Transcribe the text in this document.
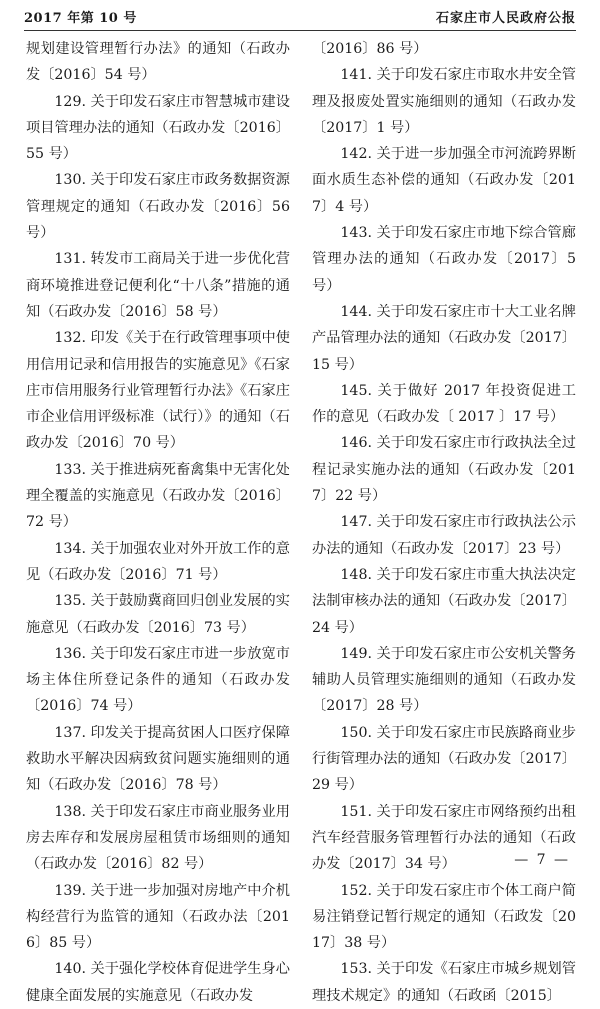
2017 年第 10 号	石家庄市人民政府公报

规划建设管理暂行办法》的通知（石政办发〔2016〕54 号）

129. 关于印发石家庄市智慧城市建设项目管理办法的通知（石政办发〔2016〕55 号）

130. 关于印发石家庄市政务数据资源管理规定的通知（石政办发〔2016〕56 号）

131. 转发市工商局关于进一步优化营商环境推进登记便利化“十八条”措施的通知（石政办发〔2016〕58 号）

132. 印发《关于在行政管理事项中使用信用记录和信用报告的实施意见》《石家庄市信用服务行业管理暂行办法》《石家庄市企业信用评级标准（试行）》的通知（石政办发〔2016〕70 号）

133. 关于推进病死畜禽集中无害化处理全覆盖的实施意见（石政办发〔2016〕72 号）

134. 关于加强农业对外开放工作的意见（石政办发〔2016〕71 号）

135. 关于鼓励冀商回归创业发展的实施意见（石政办发〔2016〕73 号）

136. 关于印发石家庄市进一步放宽市场主体住所登记条件的通知（石政办发〔2016〕74 号）

137. 印发关于提高贫困人口医疗保障救助水平解决因病致贫问题实施细则的通知（石政办发〔2016〕78 号）

138. 关于印发石家庄市商业服务业用房去库存和发展房屋租赁市场细则的通知（石政办发〔2016〕82 号）

139. 关于进一步加强对房地产中介机构经营行为监管的通知（石政办法〔2016〕85 号）

140. 关于强化学校体育促进学生身心健康全面发展的实施意见（石政办发

〔2016〕86 号）

141. 关于印发石家庄市取水井安全管理及报废处置实施细则的通知（石政办发〔2017〕1 号）

142. 关于进一步加强全市河流跨界断面水质生态补偿的通知（石政办发〔2017〕4 号）

143. 关于印发石家庄市地下综合管廊管理办法的通知（石政办发〔2017〕5 号）

144. 关于印发石家庄市十大工业名牌产品管理办法的通知（石政办发〔2017〕15 号）

145. 关于做好 2017 年投资促进工作的意见（石政办发〔 2017 〕17 号）

146. 关于印发石家庄市行政执法全过程记录实施办法的通知（石政办发〔2017〕22 号）

147. 关于印发石家庄市行政执法公示办法的通知（石政办发〔2017〕23 号）

148. 关于印发石家庄市重大执法决定法制审核办法的通知（石政办发〔2017〕24 号）

149. 关于印发石家庄市公安机关警务辅助人员管理实施细则的通知（石政办发〔2017〕28 号）

150. 关于印发石家庄市民族路商业步行街管理办法的通知（石政办发〔2017〕29 号）

151. 关于印发石家庄市网络预约出租汽车经营服务管理暂行办法的通知（石政办发〔2017〕34 号）

152. 关于印发石家庄市个体工商户简易注销登记暂行规定的通知（石政发〔2017〕38 号）

153. 关于印发《石家庄市城乡规划管理技术规定》的通知（石政函〔2015〕

— 7 —
